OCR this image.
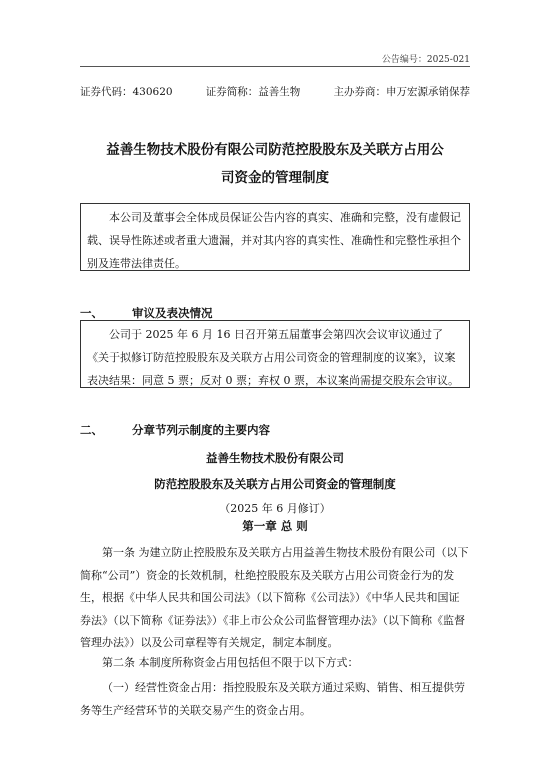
公告编号：2025-021
证券代码：430620	证券简称：益善生物	主办券商：申万宏源承销保荐
益善生物技术股份有限公司防范控股股东及关联方占用公
司资金的管理制度
本公司及董事会全体成员保证公告内容的真实、准确和完整，没有虚假记载、误导性陈述或者重大遗漏，并对其内容的真实性、准确性和完整性承担个别及连带法律责任。
一、	审议及表决情况
公司于 2025 年 6 月 16 日召开第五届董事会第四次会议审议通过了《关于拟修订防范控股股东及关联方占用公司资金的管理制度的议案》，议案表决结果：同意 5 票；反对 0 票；弃权 0 票，本议案尚需提交股东会审议。
二、	分章节列示制度的主要内容
益善生物技术股份有限公司
防范控股股东及关联方占用公司资金的管理制度
（2025 年 6 月修订）
第一章 总 则
第一条 为建立防止控股股东及关联方占用益善生物技术股份有限公司（以下简称“公司”）资金的长效机制，杜绝控股股东及关联方占用公司资金行为的发生，根据《中华人民共和国公司法》（以下简称《公司法》）《中华人民共和国证券法》（以下简称《证券法》）《非上市公众公司监督管理办法》（以下简称《监督管理办法》）以及公司章程等有关规定，制定本制度。
第二条 本制度所称资金占用包括但不限于以下方式：
（一）经营性资金占用：指控股股东及关联方通过采购、销售、相互提供劳务等生产经营环节的关联交易产生的资金占用。
